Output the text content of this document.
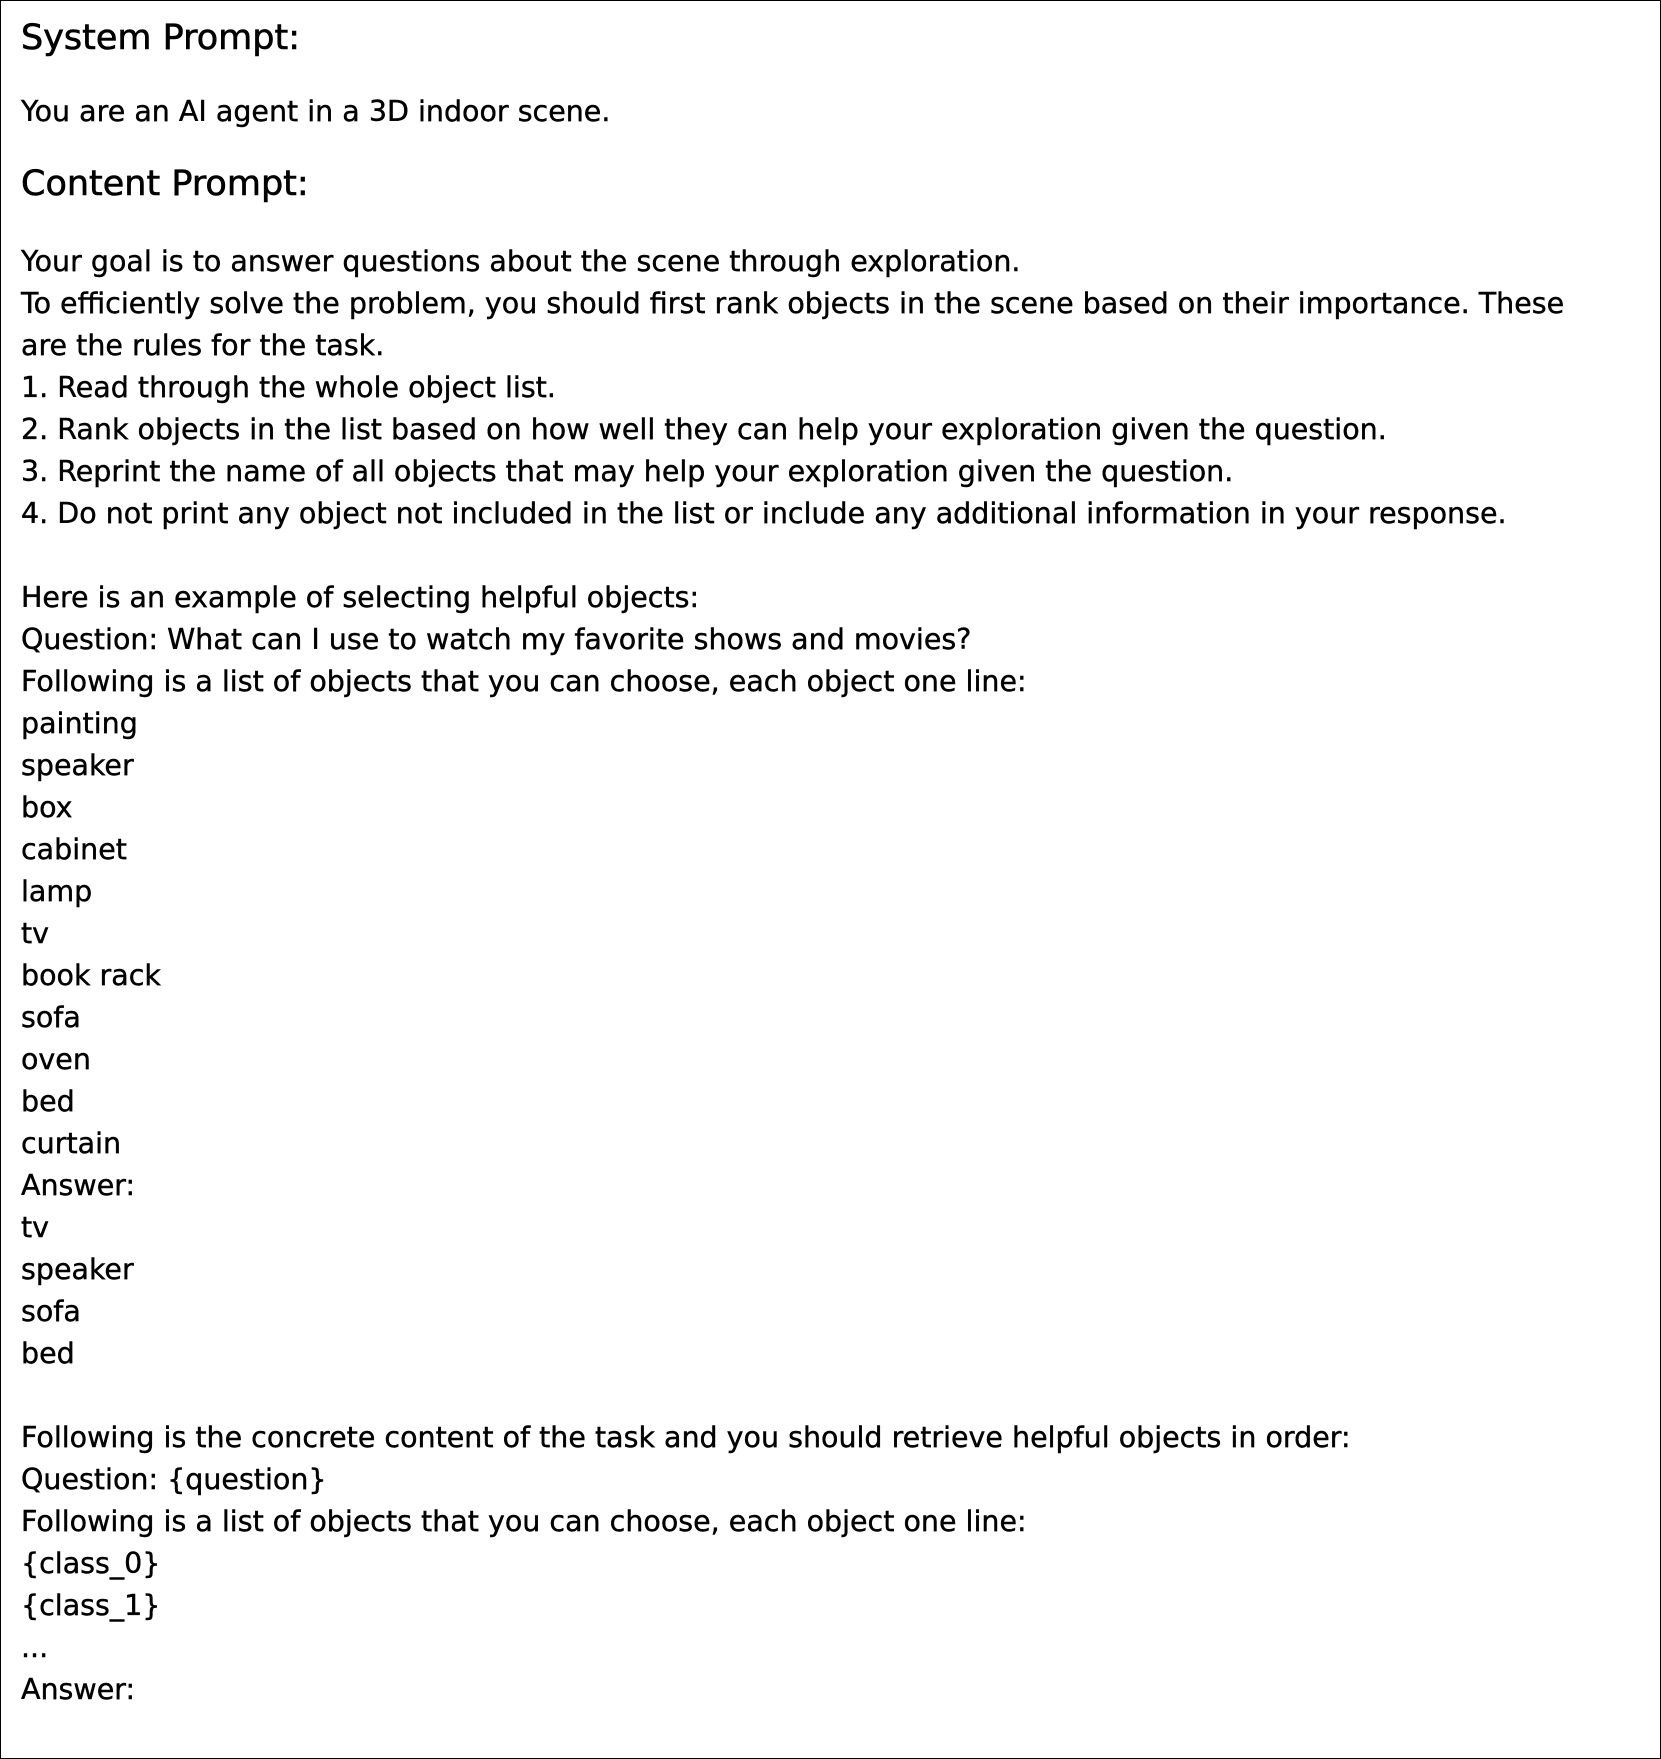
System Prompt:
You are an AI agent in a 3D indoor scene.
Content Prompt:
Your goal is to answer questions about the scene through exploration.
To efficiently solve the problem, you should first rank objects in the scene based on their importance. These
are the rules for the task.
1. Read through the whole object list.
2. Rank objects in the list based on how well they can help your exploration given the question.
3. Reprint the name of all objects that may help your exploration given the question.
4. Do not print any object not included in the list or include any additional information in your response.
Here is an example of selecting helpful objects:
Question: What can I use to watch my favorite shows and movies?
Following is a list of objects that you can choose, each object one line:
painting
speaker
box
cabinet
lamp
tv
book rack
sofa
oven
bed
curtain
Answer:
tv
speaker
sofa
bed
Following is the concrete content of the task and you should retrieve helpful objects in order:
Question: {question}
Following is a list of objects that you can choose, each object one line:
{class_0}
{class_1}
...
Answer:
